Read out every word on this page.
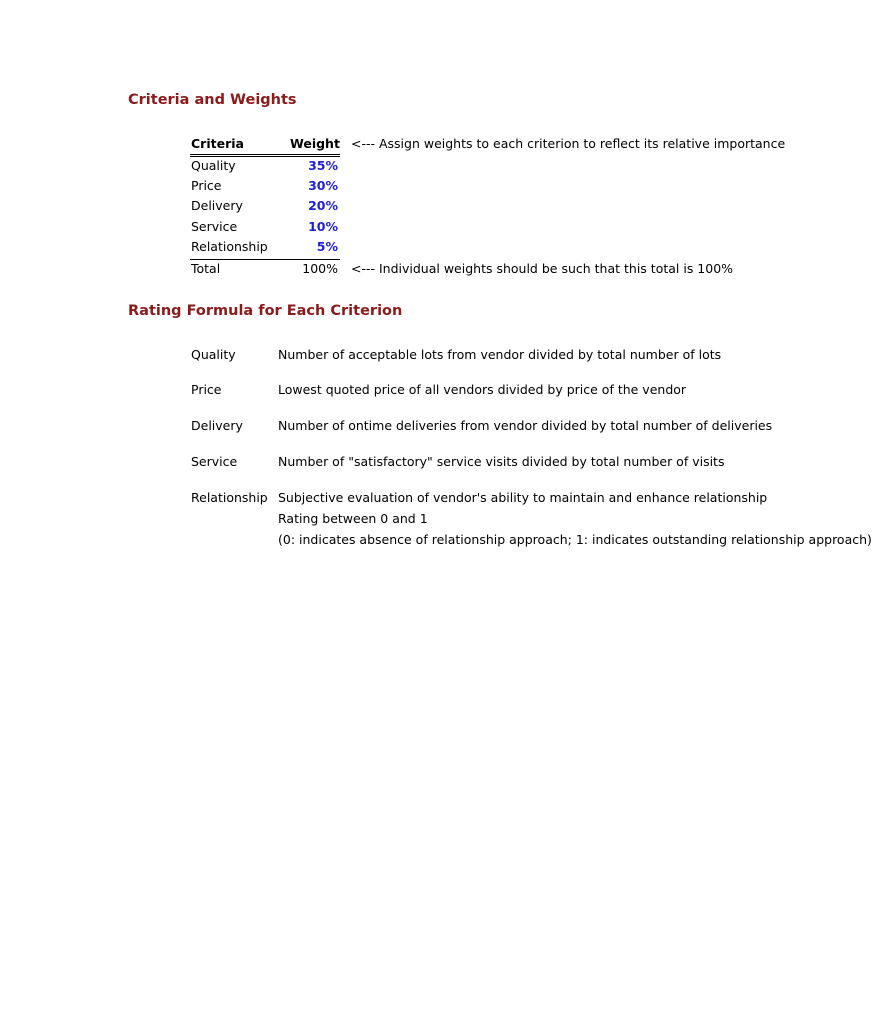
Criteria and Weights
Criteria	Weight <--- Assign weights to each criterion to reflect its relative importance
Quality	35%
Price	30%
Delivery	20%
Service	10%
Relationship	5%
Total	100% <--- Individual weights should be such that this total is 100%
Rating Formula for Each Criterion
Quality	Number of acceptable lots from vendor divided by total number of lots
Price	Lowest quoted price of all vendors divided by price of the vendor
Delivery	Number of ontime deliveries from vendor divided by total number of deliveries
Service	Number of "satisfactory" service visits divided by total number of visits
Relationship Subjective evaluation of vendor's ability to maintain and enhance relationship
Rating between 0 and 1
(0: indicates absence of relationship approach; 1: indicates outstanding relationship approach)
